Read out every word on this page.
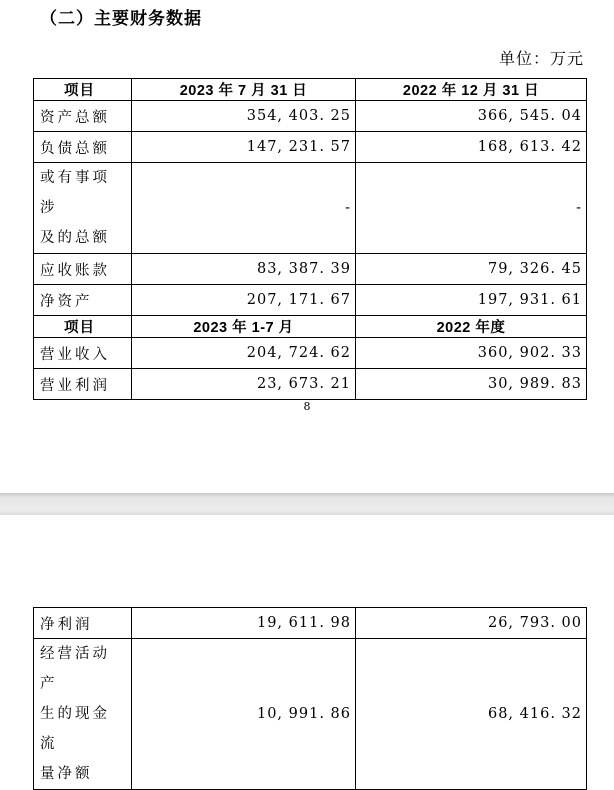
（二）主要财务数据
单位：万元
项目	2023 年 7 月 31 日	2022 年 12 月 31 日
资产总额	354, 403. 25	366, 545. 04
负债总额	147, 231. 57	168, 613. 42

或有事项涉
及的总额	-	-
应收账款	83, 387. 39	79, 326. 45
净资产	207, 171. 67	197, 931. 61
项目	2023 年 1-7 月	2022 年度
营业收入	204, 724. 62	360, 902. 33
营业利润	23, 673. 21	30, 989. 83
8
净利润	19, 611. 98	26, 793. 00

经营活动产
生的现金流
量净额	10, 991. 86	68, 416. 32
